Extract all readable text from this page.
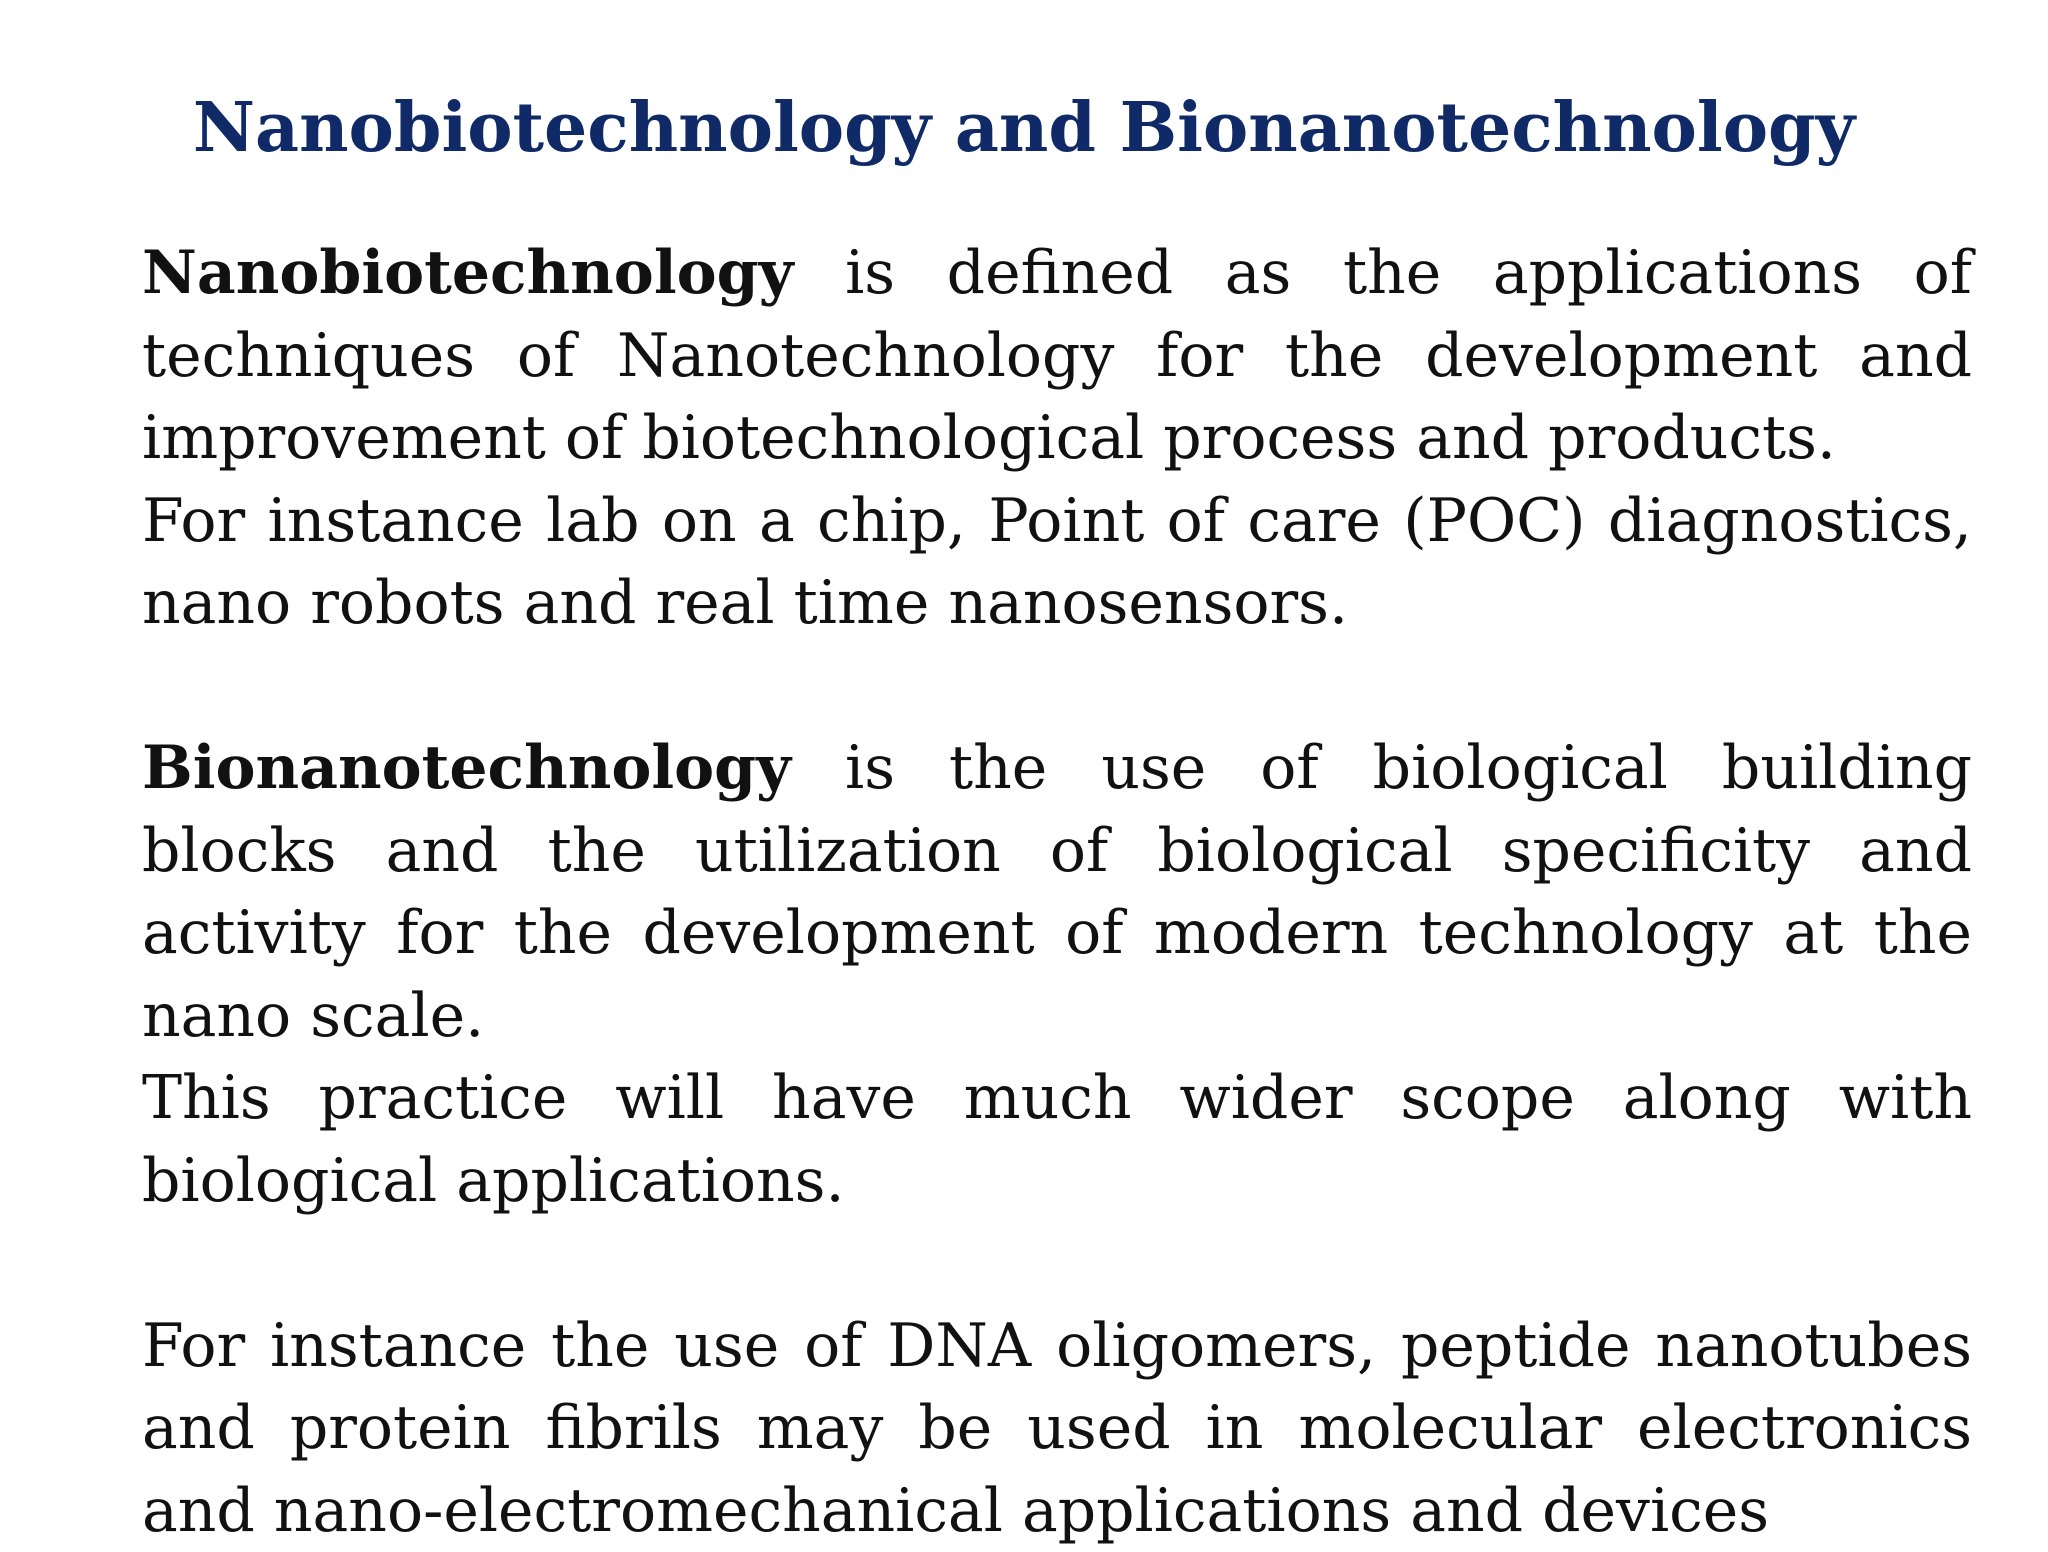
Nanobiotechnology and Bionanotechnology

Nanobiotechnology is defined as the applications of techniques of Nanotechnology for the development and improvement of biotechnological process and products.

For instance lab on a chip, Point of care (POC) diagnostics, nano robots and real time nanosensors.

Bionanotechnology is the use of biological building blocks and the utilization of biological specificity and activity for the development of modern technology at the nano scale.

This practice will have much wider scope along with biological applications.

For instance the use of DNA oligomers, peptide nanotubes and protein fibrils may be used in molecular electronics and nano-electromechanical applications and devices
